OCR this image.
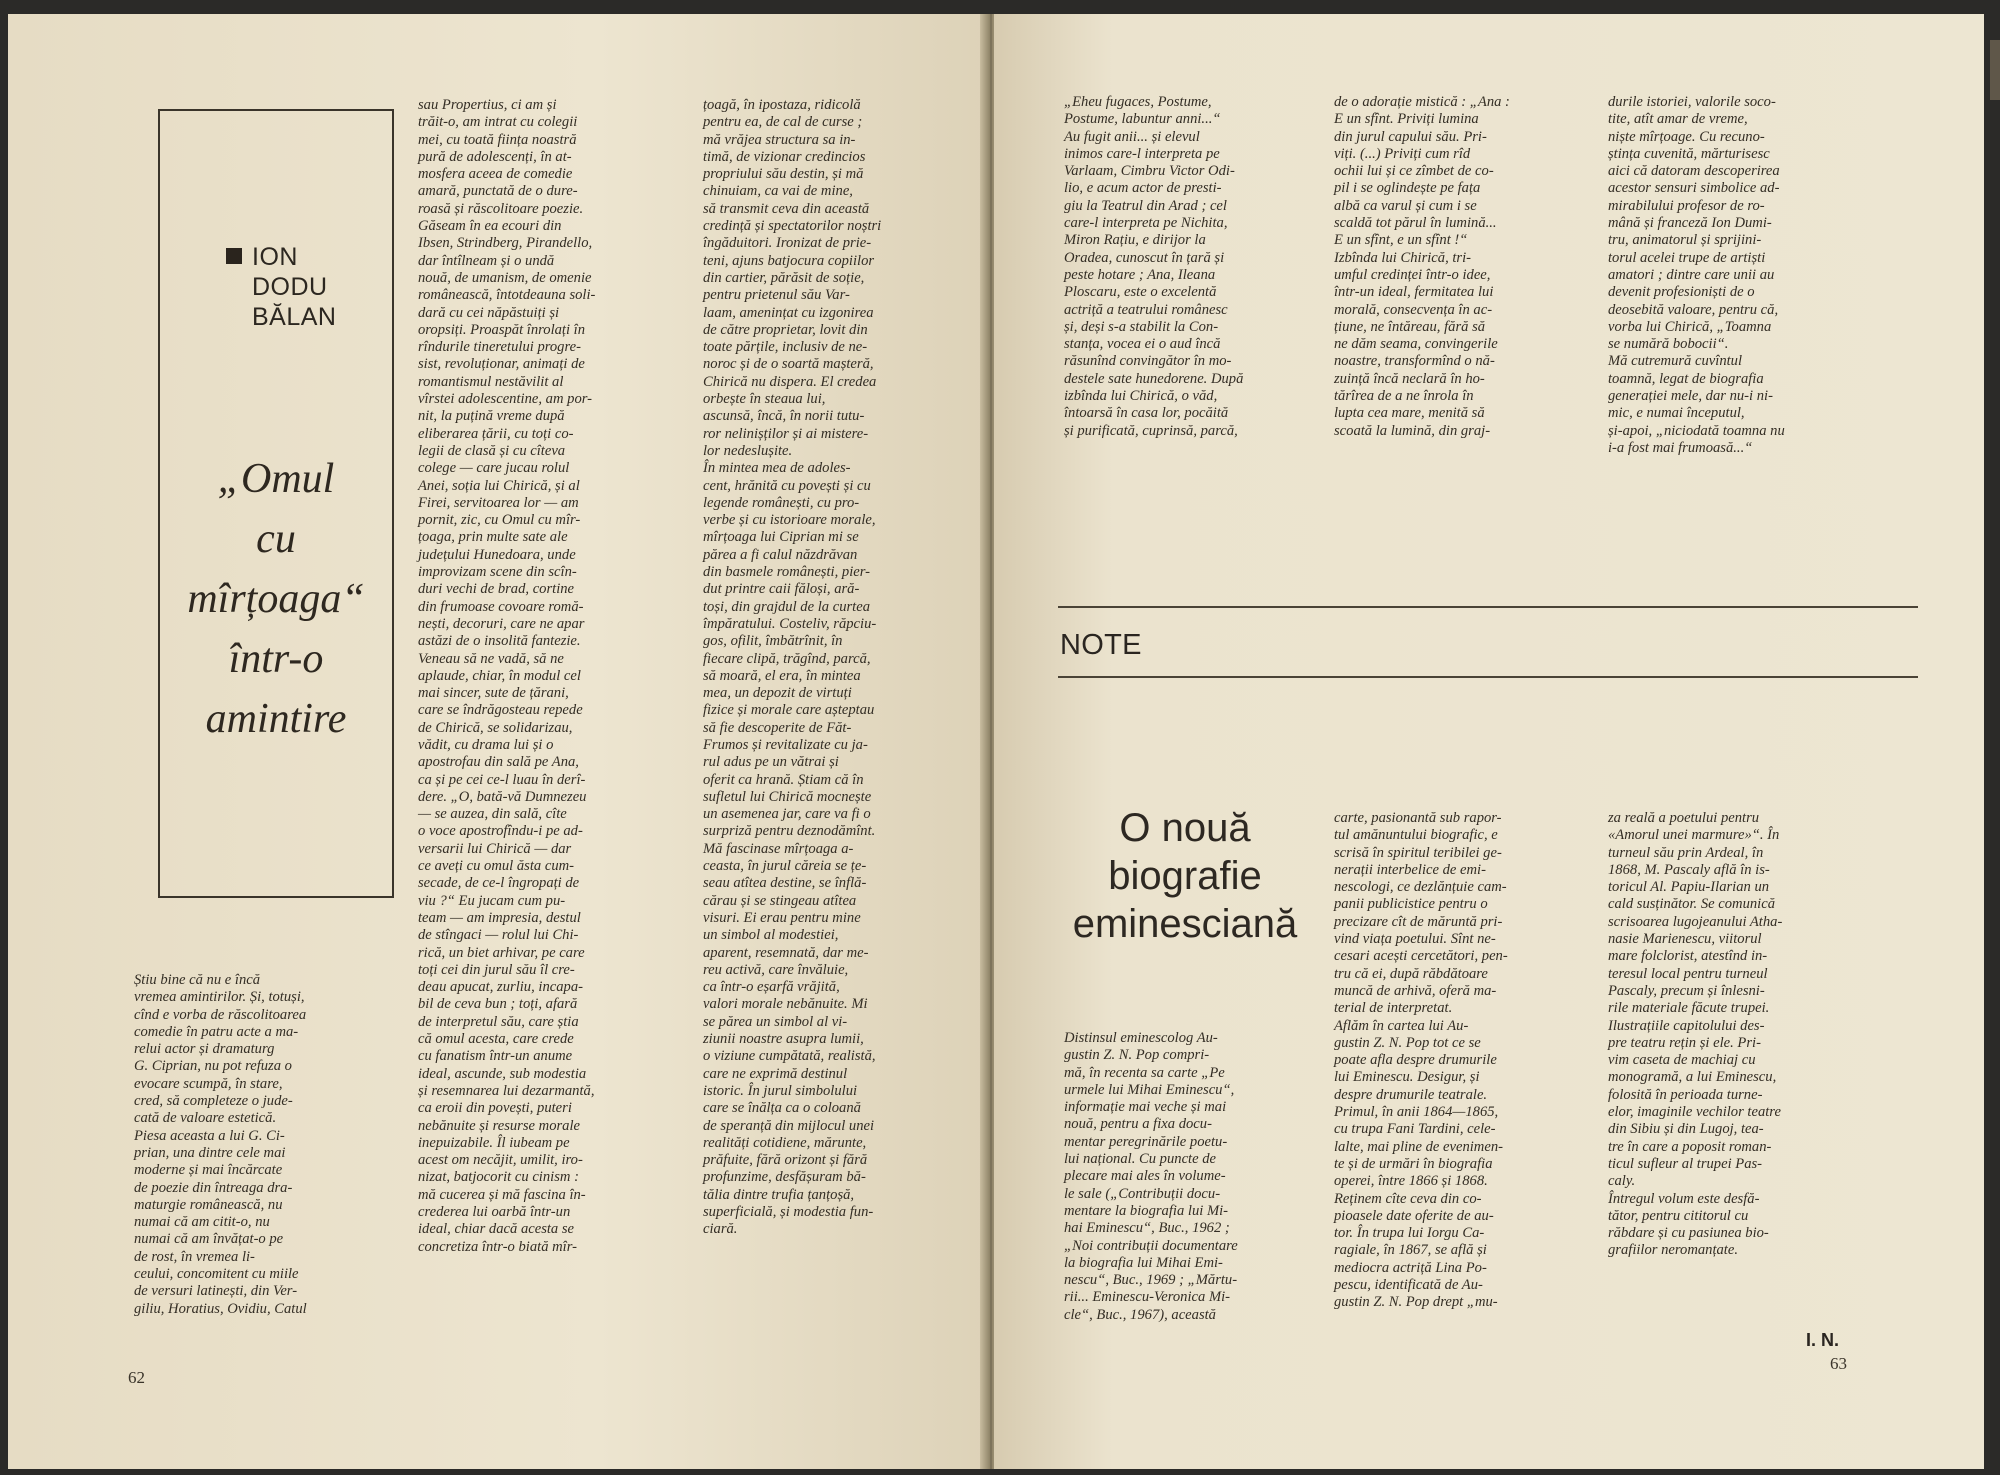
ION
DODU
BĂLAN
„Omul
cu
mîrțoaga“
într-o
amintire
Știu bine că nu e încă
vremea amintirilor. Și, totuși,
cînd e vorba de răscolitoarea
comedie în patru acte a ma-
relui actor și dramaturg
G. Ciprian, nu pot refuza o
evocare scumpă, în stare,
cred, să completeze o jude-
cată de valoare estetică.
Piesa aceasta a lui G. Ci-
prian, una dintre cele mai
moderne și mai încărcate
de poezie din întreaga dra-
maturgie românească, nu
numai că am citit-o, nu
numai că am învățat-o pe
de rost, în vremea li-
ceului, concomitent cu miile
de versuri latinești, din Ver-
giliu, Horatius, Ovidiu, Catul
sau Propertius, ci am și
trăit-o, am intrat cu colegii
mei, cu toată ființa noastră
pură de adolescenți, în at-
mosfera aceea de comedie
amară, punctată de o dure-
roasă și răscolitoare poezie.
Găseam în ea ecouri din
Ibsen, Strindberg, Pirandello,
dar întîlneam și o undă
nouă, de umanism, de omenie
românească, întotdeauna soli-
dară cu cei năpăstuiți și
oropsiți. Proaspăt înrolați în
rîndurile tineretului progre-
sist, revoluționar, animați de
romantismul nestăvilit al
vîrstei adolescentine, am por-
nit, la puțină vreme după
eliberarea țării, cu toți co-
legii de clasă și cu cîteva
colege — care jucau rolul
Anei, soția lui Chirică, și al
Firei, servitoarea lor — am
pornit, zic, cu Omul cu mîr-
țoaga, prin multe sate ale
județului Hunedoara, unde
improvizam scene din scîn-
duri vechi de brad, cortine
din frumoase covoare romă-
nești, decoruri, care ne apar
astăzi de o insolită fantezie.
Veneau să ne vadă, să ne
aplaude, chiar, în modul cel
mai sincer, sute de țărani,
care se îndrăgosteau repede
de Chirică, se solidarizau,
vădit, cu drama lui și o
apostrofau din sală pe Ana,
ca și pe cei ce-l luau în derî-
dere. „O, bată-vă Dumnezeu
— se auzea, din sală, cîte
o voce apostrofîndu-i pe ad-
versarii lui Chirică — dar
ce aveți cu omul ăsta cum-
secade, de ce-l îngropați de
viu ?“ Eu jucam cum pu-
team — am impresia, destul
de stîngaci — rolul lui Chi-
rică, un biet arhivar, pe care
toți cei din jurul său îl cre-
deau apucat, zurliu, incapa-
bil de ceva bun ; toți, afară
de interpretul său, care știa
că omul acesta, care crede
cu fanatism într-un anume
ideal, ascunde, sub modestia
și resemnarea lui dezarmantă,
ca eroii din povești, puteri
nebănuite și resurse morale
inepuizabile. Îl iubeam pe
acest om necăjit, umilit, iro-
nizat, batjocorit cu cinism :
mă cucerea și mă fascina în-
crederea lui oarbă într-un
ideal, chiar dacă acesta se
concretiza într-o biată mîr-
țoagă, în ipostaza, ridicolă
pentru ea, de cal de curse ;
mă vrăjea structura sa in-
timă, de vizionar credincios
propriului său destin, și mă
chinuiam, ca vai de mine,
să transmit ceva din această
credință și spectatorilor noștri
îngăduitori. Ironizat de prie-
teni, ajuns batjocura copiilor
din cartier, părăsit de soție,
pentru prietenul său Var-
laam, amenințat cu izgonirea
de către proprietar, lovit din
toate părțile, inclusiv de ne-
noroc și de o soartă mașteră,
Chirică nu dispera. El credea
orbește în steaua lui,
ascunsă, încă, în norii tutu-
ror nelinișților și ai mistere-
lor nedeslușite.
În mintea mea de adoles-
cent, hrănită cu povești și cu
legende românești, cu pro-
verbe și cu istorioare morale,
mîrțoaga lui Ciprian mi se
părea a fi calul năzdrăvan
din basmele românești, pier-
dut printre caii făloși, ară-
toși, din grajdul de la curtea
împăratului. Costeliv, răpciu-
gos, ofilit, îmbătrînit, în
fiecare clipă, trăgînd, parcă,
să moară, el era, în mintea
mea, un depozit de virtuți
fizice și morale care așteptau
să fie descoperite de Făt-
Frumos și revitalizate cu ja-
rul adus pe un vătrai și
oferit ca hrană. Știam că în
sufletul lui Chirică mocnește
un asemenea jar, care va fi o
surpriză pentru deznodămînt.
Mă fascinase mîrțoaga a-
ceasta, în jurul căreia se țe-
seau atîtea destine, se înflă-
cărau și se stingeau atîtea
visuri. Ei erau pentru mine
un simbol al modestiei,
aparent, resemnată, dar me-
reu activă, care învăluie,
ca într-o eșarfă vrăjită,
valori morale nebănuite. Mi
se părea un simbol al vi-
ziunii noastre asupra lumii,
o viziune cumpătată, realistă,
care ne exprimă destinul
istoric. În jurul simbolului
care se înălța ca o coloană
de speranță din mijlocul unei
realități cotidiene, mărunte,
prăfuite, fără orizont și fără
profunzime, desfășuram bă-
tălia dintre trufia țanțoșă,
superficială, și modestia fun-
ciară.
62
„Eheu fugaces, Postume,
Postume, labuntur anni...“
Au fugit anii... și elevul
inimos care-l interpreta pe
Varlaam, Cimbru Victor Odi-
lio, e acum actor de presti-
giu la Teatrul din Arad ; cel
care-l interpreta pe Nichita,
Miron Rațiu, e dirijor la
Oradea, cunoscut în țară și
peste hotare ; Ana, Ileana
Ploscaru, este o excelentă
actriță a teatrului românesc
și, deși s-a stabilit la Con-
stanța, vocea ei o aud încă
răsunînd convingător în mo-
destele sate hunedorene. După
izbînda lui Chirică, o văd,
întoarsă în casa lor, pocăită
și purificată, cuprinsă, parcă,
de o adorație mistică : „Ana :
E un sfînt. Priviți lumina
din jurul capului său. Pri-
viți. (...) Priviți cum rîd
ochii lui și ce zîmbet de co-
pil i se oglindește pe fața
albă ca varul și cum i se
scaldă tot părul în lumină...
E un sfînt, e un sfînt !“
Izbînda lui Chirică, tri-
umful credinței într-o idee,
într-un ideal, fermitatea lui
morală, consecvența în ac-
țiune, ne întăreau, fără să
ne dăm seama, convingerile
noastre, transformînd o nă-
zuință încă neclară în ho-
tărîrea de a ne înrola în
lupta cea mare, menită să
scoată la lumină, din graj-
durile istoriei, valorile soco-
tite, atît amar de vreme,
niște mîrțoage. Cu recuno-
ștința cuvenită, mărturisesc
aici că datoram descoperirea
acestor sensuri simbolice ad-
mirabilului profesor de ro-
mână și franceză Ion Dumi-
tru, animatorul și sprijini-
torul acelei trupe de artiști
amatori ; dintre care unii au
devenit profesioniști de o
deosebită valoare, pentru că,
vorba lui Chirică, „Toamna
se numără bobocii“.
Mă cutremură cuvîntul
toamnă, legat de biografia
generației mele, dar nu-i ni-
mic, e numai începutul,
și-apoi, „niciodată toamna nu
i-a fost mai frumoasă...“
NOTE
O nouă
biografie
eminesciană
Distinsul eminescolog Au-
gustin Z. N. Pop compri-
mă, în recenta sa carte „Pe
urmele lui Mihai Eminescu“,
informație mai veche și mai
nouă, pentru a fixa docu-
mentar peregrinările poetu-
lui național. Cu puncte de
plecare mai ales în volume-
le sale („Contribuții docu-
mentare la biografia lui Mi-
hai Eminescu“, Buc., 1962 ;
„Noi contribuții documentare
la biografia lui Mihai Emi-
nescu“, Buc., 1969 ; „Mărtu-
rii... Eminescu-Veronica Mi-
cle“, Buc., 1967), această
carte, pasionantă sub rapor-
tul amănuntului biografic, e
scrisă în spiritul teribilei ge-
nerații interbelice de emi-
nescologi, ce dezlănțuie cam-
panii publicistice pentru o
precizare cît de măruntă pri-
vind viața poetului. Sînt ne-
cesari acești cercetători, pen-
tru că ei, după răbdătoare
muncă de arhivă, oferă ma-
terial de interpretat.
Aflăm în cartea lui Au-
gustin Z. N. Pop tot ce se
poate afla despre drumurile
lui Eminescu. Desigur, și
despre drumurile teatrale.
Primul, în anii 1864—1865,
cu trupa Fani Tardini, cele-
lalte, mai pline de evenimen-
te și de urmări în biografia
operei, între 1866 și 1868.
Reținem cîte ceva din co-
pioasele date oferite de au-
tor. În trupa lui Iorgu Ca-
ragiale, în 1867, se află și
mediocra actriță Lina Po-
pescu, identificată de Au-
gustin Z. N. Pop drept „mu-
za reală a poetului pentru
«Amorul unei marmure»“. În
turneul său prin Ardeal, în
1868, M. Pascaly află în is-
toricul Al. Papiu-Ilarian un
cald susținător. Se comunică
scrisoarea lugojeanului Atha-
nasie Marienescu, viitorul
mare folclorist, atestînd in-
teresul local pentru turneul
Pascaly, precum și înlesni-
rile materiale făcute trupei.
Ilustrațiile capitolului des-
pre teatru rețin și ele. Pri-
vim caseta de machiaj cu
monogramă, a lui Eminescu,
folosită în perioada turne-
elor, imaginile vechilor teatre
din Sibiu și din Lugoj, tea-
tre în care a poposit roman-
ticul sufleur al trupei Pas-
caly.
Întregul volum este desfă-
tător, pentru cititorul cu
răbdare și cu pasiunea bio-
grafiilor neromanțate.
I. N.
63
